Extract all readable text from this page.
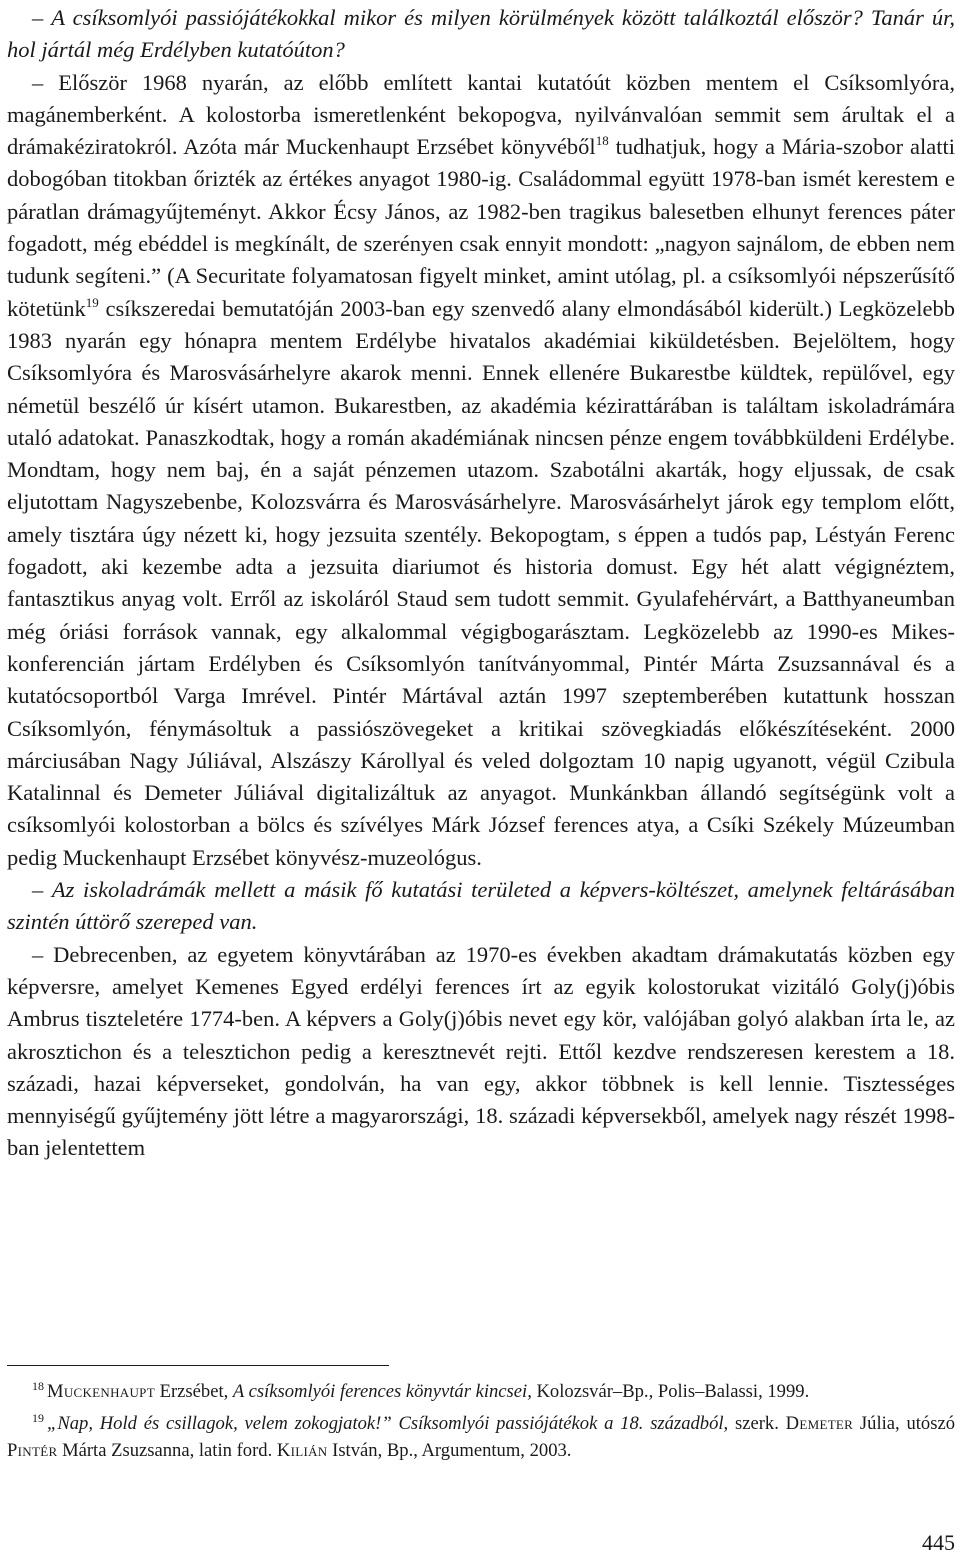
– A csíksomlyói passiójátékokkal mikor és milyen körülmények között találkoztál először? Tanár úr, hol jártál még Erdélyben kutatóúton?

– Először 1968 nyarán, az előbb említett kantai kutatóút közben mentem el Csíksomlyóra, magánemberként. A kolostorba ismeretlenként bekopogva, nyilvánvalóan semmit sem árultak el a drámakéziratokról. Azóta már Muckenhaupt Erzsébet könyvéből$^{18}$ tudhatjuk, hogy a Mária-szobor alatti dobogóban titokban őrizték az értékes anyagot 1980-ig. Családommal együtt 1978-ban ismét kerestem e páratlan drámagyűjteményt. Akkor Écsy János, az 1982-ben tragikus balesetben elhunyt ferences páter fogadott, még ebéddel is megkínált, de szerényen csak ennyit mondott: „nagyon sajnálom, de ebben nem tudunk segíteni.” (A Securitate folyamatosan figyelt minket, amint utólag, pl. a csíksomlyói népszerűsítő kötetünk$^{19}$ csíkszeredai bemutatóján 2003-ban egy szenvedő alany elmondásából kiderült.) Legközelebb 1983 nyarán egy hónapra mentem Erdélybe hivatalos akadémiai kiküldetésben. Bejelöltem, hogy Csíksomlyóra és Marosvásárhelyre akarok menni. Ennek ellenére Bukarestbe küldtek, repülővel, egy németül beszélő úr kísért utamon. Bukarestben, az akadémia kézirattárában is találtam iskoladrámára utaló adatokat. Panaszkodtak, hogy a román akadémiának nincsen pénze engem továbbküldeni Erdélybe. Mondtam, hogy nem baj, én a saját pénzemen utazom. Szabotálni akarták, hogy eljussak, de csak eljutottam Nagyszebenbe, Kolozsvárra és Marosvásárhelyre. Marosvásárhelyt járok egy templom előtt, amely tisztára úgy nézett ki, hogy jezsuita szentély. Bekopogtam, s éppen a tudós pap, Léstyán Ferenc fogadott, aki kezembe adta a jezsuita diariumot és historia domust. Egy hét alatt végignéztem, fantasztikus anyag volt. Erről az iskoláról Staud sem tudott semmit. Gyulafehérvárt, a Batthyaneumban még óriási források vannak, egy alkalommal végigbogarásztam. Legközelebb az 1990-es Mikes-konferencián jártam Erdélyben és Csíksomlyón tanítványommal, Pintér Márta Zsuzsannával és a kutatócsoportból Varga Imrével. Pintér Mártával aztán 1997 szeptemberében kutattunk hosszan Csíksomlyón, fénymásoltuk a passiószövegeket a kritikai szövegkiadás előkészítéseként. 2000 márciusában Nagy Júliával, Alszászy Károllyal és veled dolgoztam 10 napig ugyanott, végül Czibula Katalinnal és Demeter Júliával digitalizáltuk az anyagot. Munkánkban állandó segítségünk volt a csíksomlyói kolostorban a bölcs és szívélyes Márk József ferences atya, a Csíki Székely Múzeumban pedig Muckenhaupt Erzsébet könyvész-muzeológus.

– Az iskoladrámák mellett a másik fő kutatási területed a képvers-költészet, amelynek feltárásában szintén úttörő szereped van.

– Debrecenben, az egyetem könyvtárában az 1970-es években akadtam drámakutatás közben egy képversre, amelyet Kemenes Egyed erdélyi ferences írt az egyik kolostorukat vizitáló Goly(j)óbis Ambrus tiszteletére 1774-ben. A képvers a Goly(j)óbis nevet egy kör, valójában golyó alakban írta le, az akrosztichon és a telesztichon pedig a keresztnevét rejti. Ettől kezdve rendszeresen kerestem a 18. századi, hazai képverseket, gondolván, ha van egy, akkor többnek is kell lennie. Tisztességes mennyiségű gyűjtemény jött létre a magyarországi, 18. századi képversekből, amelyek nagy részét 1998-ban jelentettem

$^{18}$ Muckenhaupt Erzsébet, A csíksomlyói ferences könyvtár kincsei, Kolozsvár–Bp., Polis–Balassi, 1999.

$^{19}$ „Nap, Hold és csillagok, velem zokogjatok!” Csíksomlyói passiójátékok a 18. századból, szerk. Demeter Júlia, utószó Pintér Márta Zsuzsanna, latin ford. Kilián István, Bp., Argumentum, 2003.

445
